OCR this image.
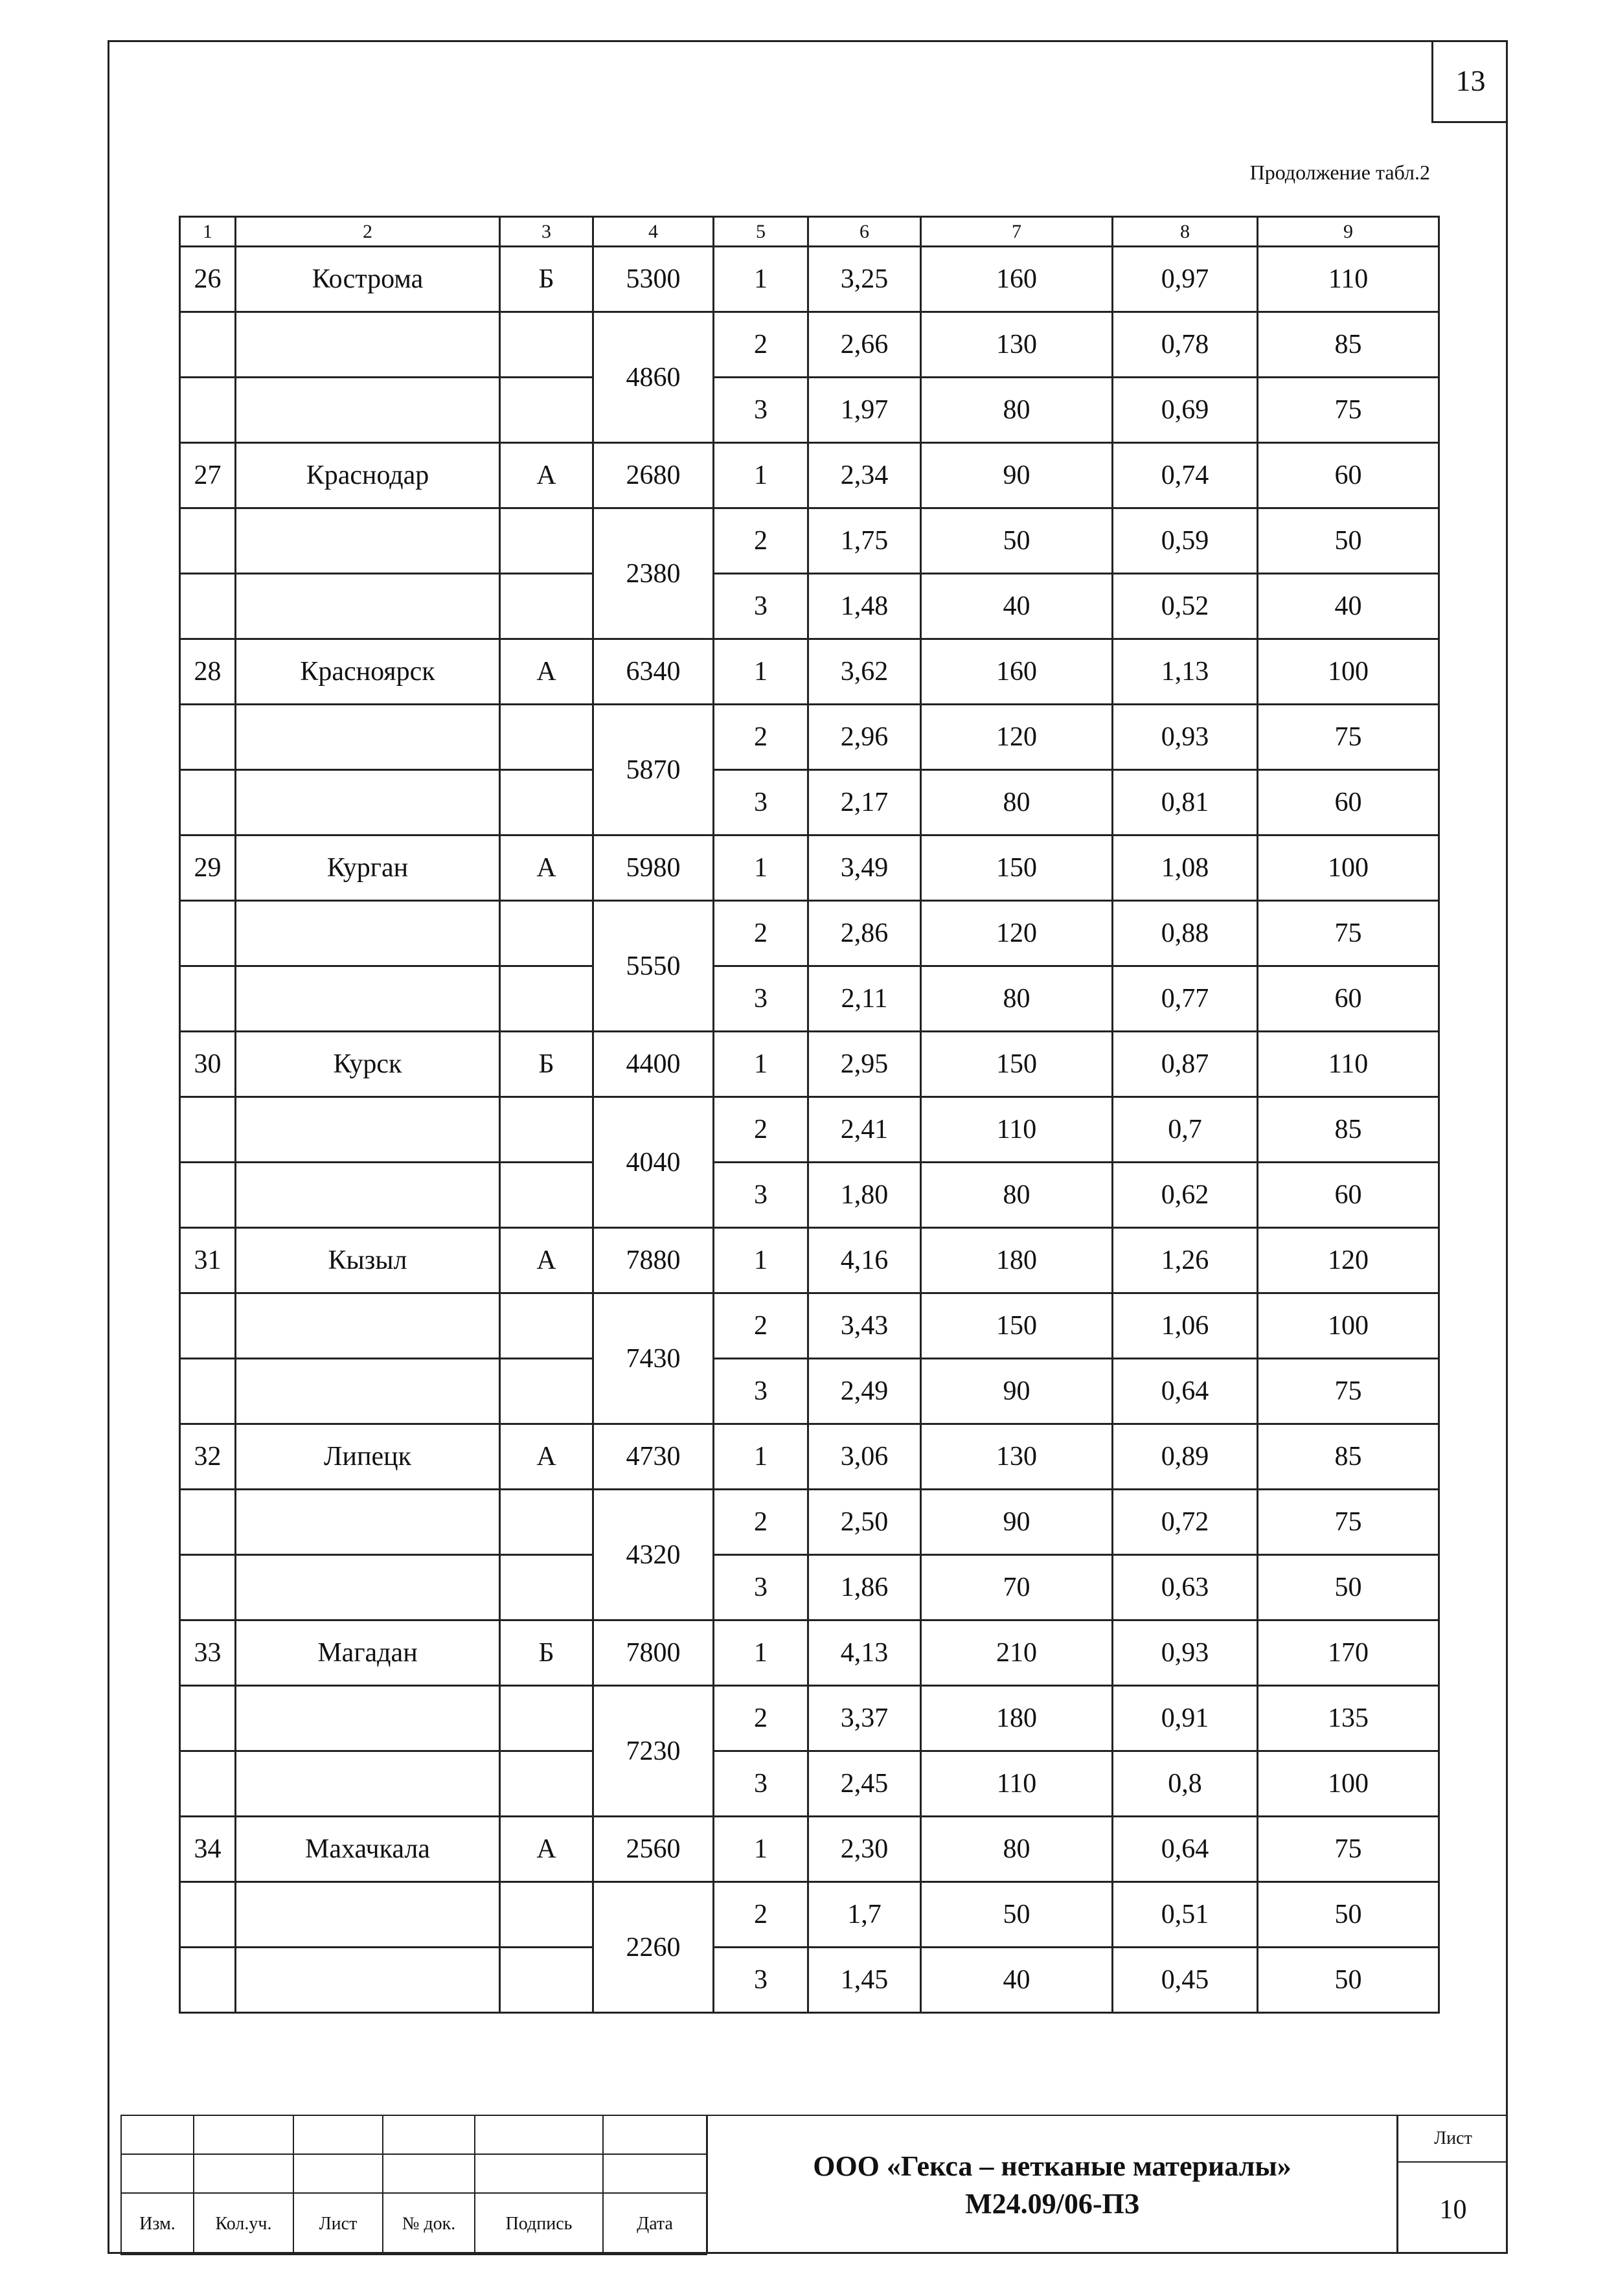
13
Продолжение табл.2
1	2	3	4	5	6	7	8	9
26	Кострома	Б	5300	1	3,25	160	0,97	110
			4860	2	2,66	130	0,78	85
				3	1,97	80	0,69	75
27	Краснодар	А	2680	1	2,34	90	0,74	60
			2380	2	1,75	50	0,59	50
				3	1,48	40	0,52	40
28	Красноярск	А	6340	1	3,62	160	1,13	100
			5870	2	2,96	120	0,93	75
				3	2,17	80	0,81	60
29	Курган	А	5980	1	3,49	150	1,08	100
			5550	2	2,86	120	0,88	75
				3	2,11	80	0,77	60
30	Курск	Б	4400	1	2,95	150	0,87	110
			4040	2	2,41	110	0,7	85
				3	1,80	80	0,62	60
31	Кызыл	А	7880	1	4,16	180	1,26	120
			7430	2	3,43	150	1,06	100
				3	2,49	90	0,64	75
32	Липецк	А	4730	1	3,06	130	0,89	85
			4320	2	2,50	90	0,72	75
				3	1,86	70	0,63	50
33	Магадан	Б	7800	1	4,13	210	0,93	170
			7230	2	3,37	180	0,91	135
				3	2,45	110	0,8	100
34	Махачкала	А	2560	1	2,30	80	0,64	75
			2260	2	1,7	50	0,51	50
				3	1,45	40	0,45	50

Изм.	Кол.уч.	Лист	№ док.	Подпись	Дата
ООО «Гекса – нетканые материалы»
М24.09/06-ПЗ
Лист
10
